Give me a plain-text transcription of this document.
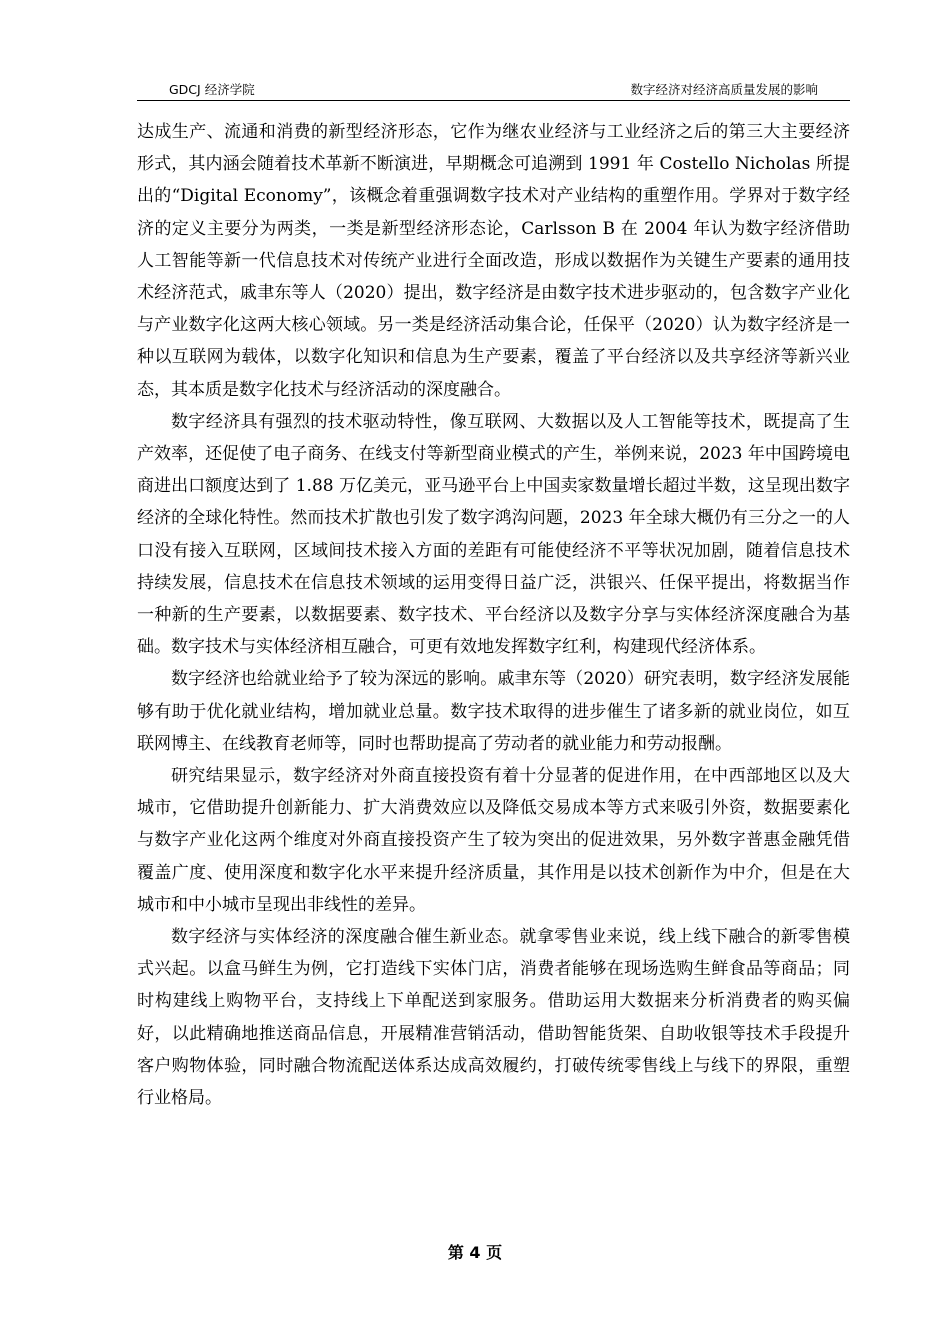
GDCJ 经济学院	数字经济对经济高质量发展的影响

达成生产、流通和消费的新型经济形态，它作为继农业经济与工业经济之后的第三大主要经济形式，其内涵会随着技术革新不断演进，早期概念可追溯到 1991 年 Costello Nicholas 所提出的“Digital Economy”，该概念着重强调数字技术对产业结构的重塑作用。学界对于数字经济的定义主要分为两类，一类是新型经济形态论，Carlsson B 在 2004 年认为数字经济借助人工智能等新一代信息技术对传统产业进行全面改造，形成以数据作为关键生产要素的通用技术经济范式，戚聿东等人（2020）提出，数字经济是由数字技术进步驱动的，包含数字产业化与产业数字化这两大核心领域。另一类是经济活动集合论，任保平（2020）认为数字经济是一种以互联网为载体，以数字化知识和信息为生产要素，覆盖了平台经济以及共享经济等新兴业态，其本质是数字化技术与经济活动的深度融合。

数字经济具有强烈的技术驱动特性，像互联网、大数据以及人工智能等技术，既提高了生产效率，还促使了电子商务、在线支付等新型商业模式的产生，举例来说，2023 年中国跨境电商进出口额度达到了 1.88 万亿美元，亚马逊平台上中国卖家数量增长超过半数，这呈现出数字经济的全球化特性。然而技术扩散也引发了数字鸿沟问题，2023 年全球大概仍有三分之一的人口没有接入互联网，区域间技术接入方面的差距有可能使经济不平等状况加剧，随着信息技术持续发展，信息技术在信息技术领域的运用变得日益广泛，洪银兴、任保平提出，将数据当作一种新的生产要素，以数据要素、数字技术、平台经济以及数字分享与实体经济深度融合为基础。数字技术与实体经济相互融合，可更有效地发挥数字红利，构建现代经济体系。

数字经济也给就业给予了较为深远的影响。戚聿东等（2020）研究表明，数字经济发展能够有助于优化就业结构，增加就业总量。数字技术取得的进步催生了诸多新的就业岗位，如互联网博主、在线教育老师等，同时也帮助提高了劳动者的就业能力和劳动报酬。

研究结果显示，数字经济对外商直接投资有着十分显著的促进作用，在中西部地区以及大城市，它借助提升创新能力、扩大消费效应以及降低交易成本等方式来吸引外资，数据要素化与数字产业化这两个维度对外商直接投资产生了较为突出的促进效果，另外数字普惠金融凭借覆盖广度、使用深度和数字化水平来提升经济质量，其作用是以技术创新作为中介，但是在大城市和中小城市呈现出非线性的差异。

数字经济与实体经济的深度融合催生新业态。就拿零售业来说，线上线下融合的新零售模式兴起。以盒马鲜生为例，它打造线下实体门店，消费者能够在现场选购生鲜食品等商品；同时构建线上购物平台，支持线上下单配送到家服务。借助运用大数据来分析消费者的购买偏好，以此精确地推送商品信息，开展精准营销活动，借助智能货架、自助收银等技术手段提升客户购物体验，同时融合物流配送体系达成高效履约，打破传统零售线上与线下的界限，重塑行业格局。

第 4 页
